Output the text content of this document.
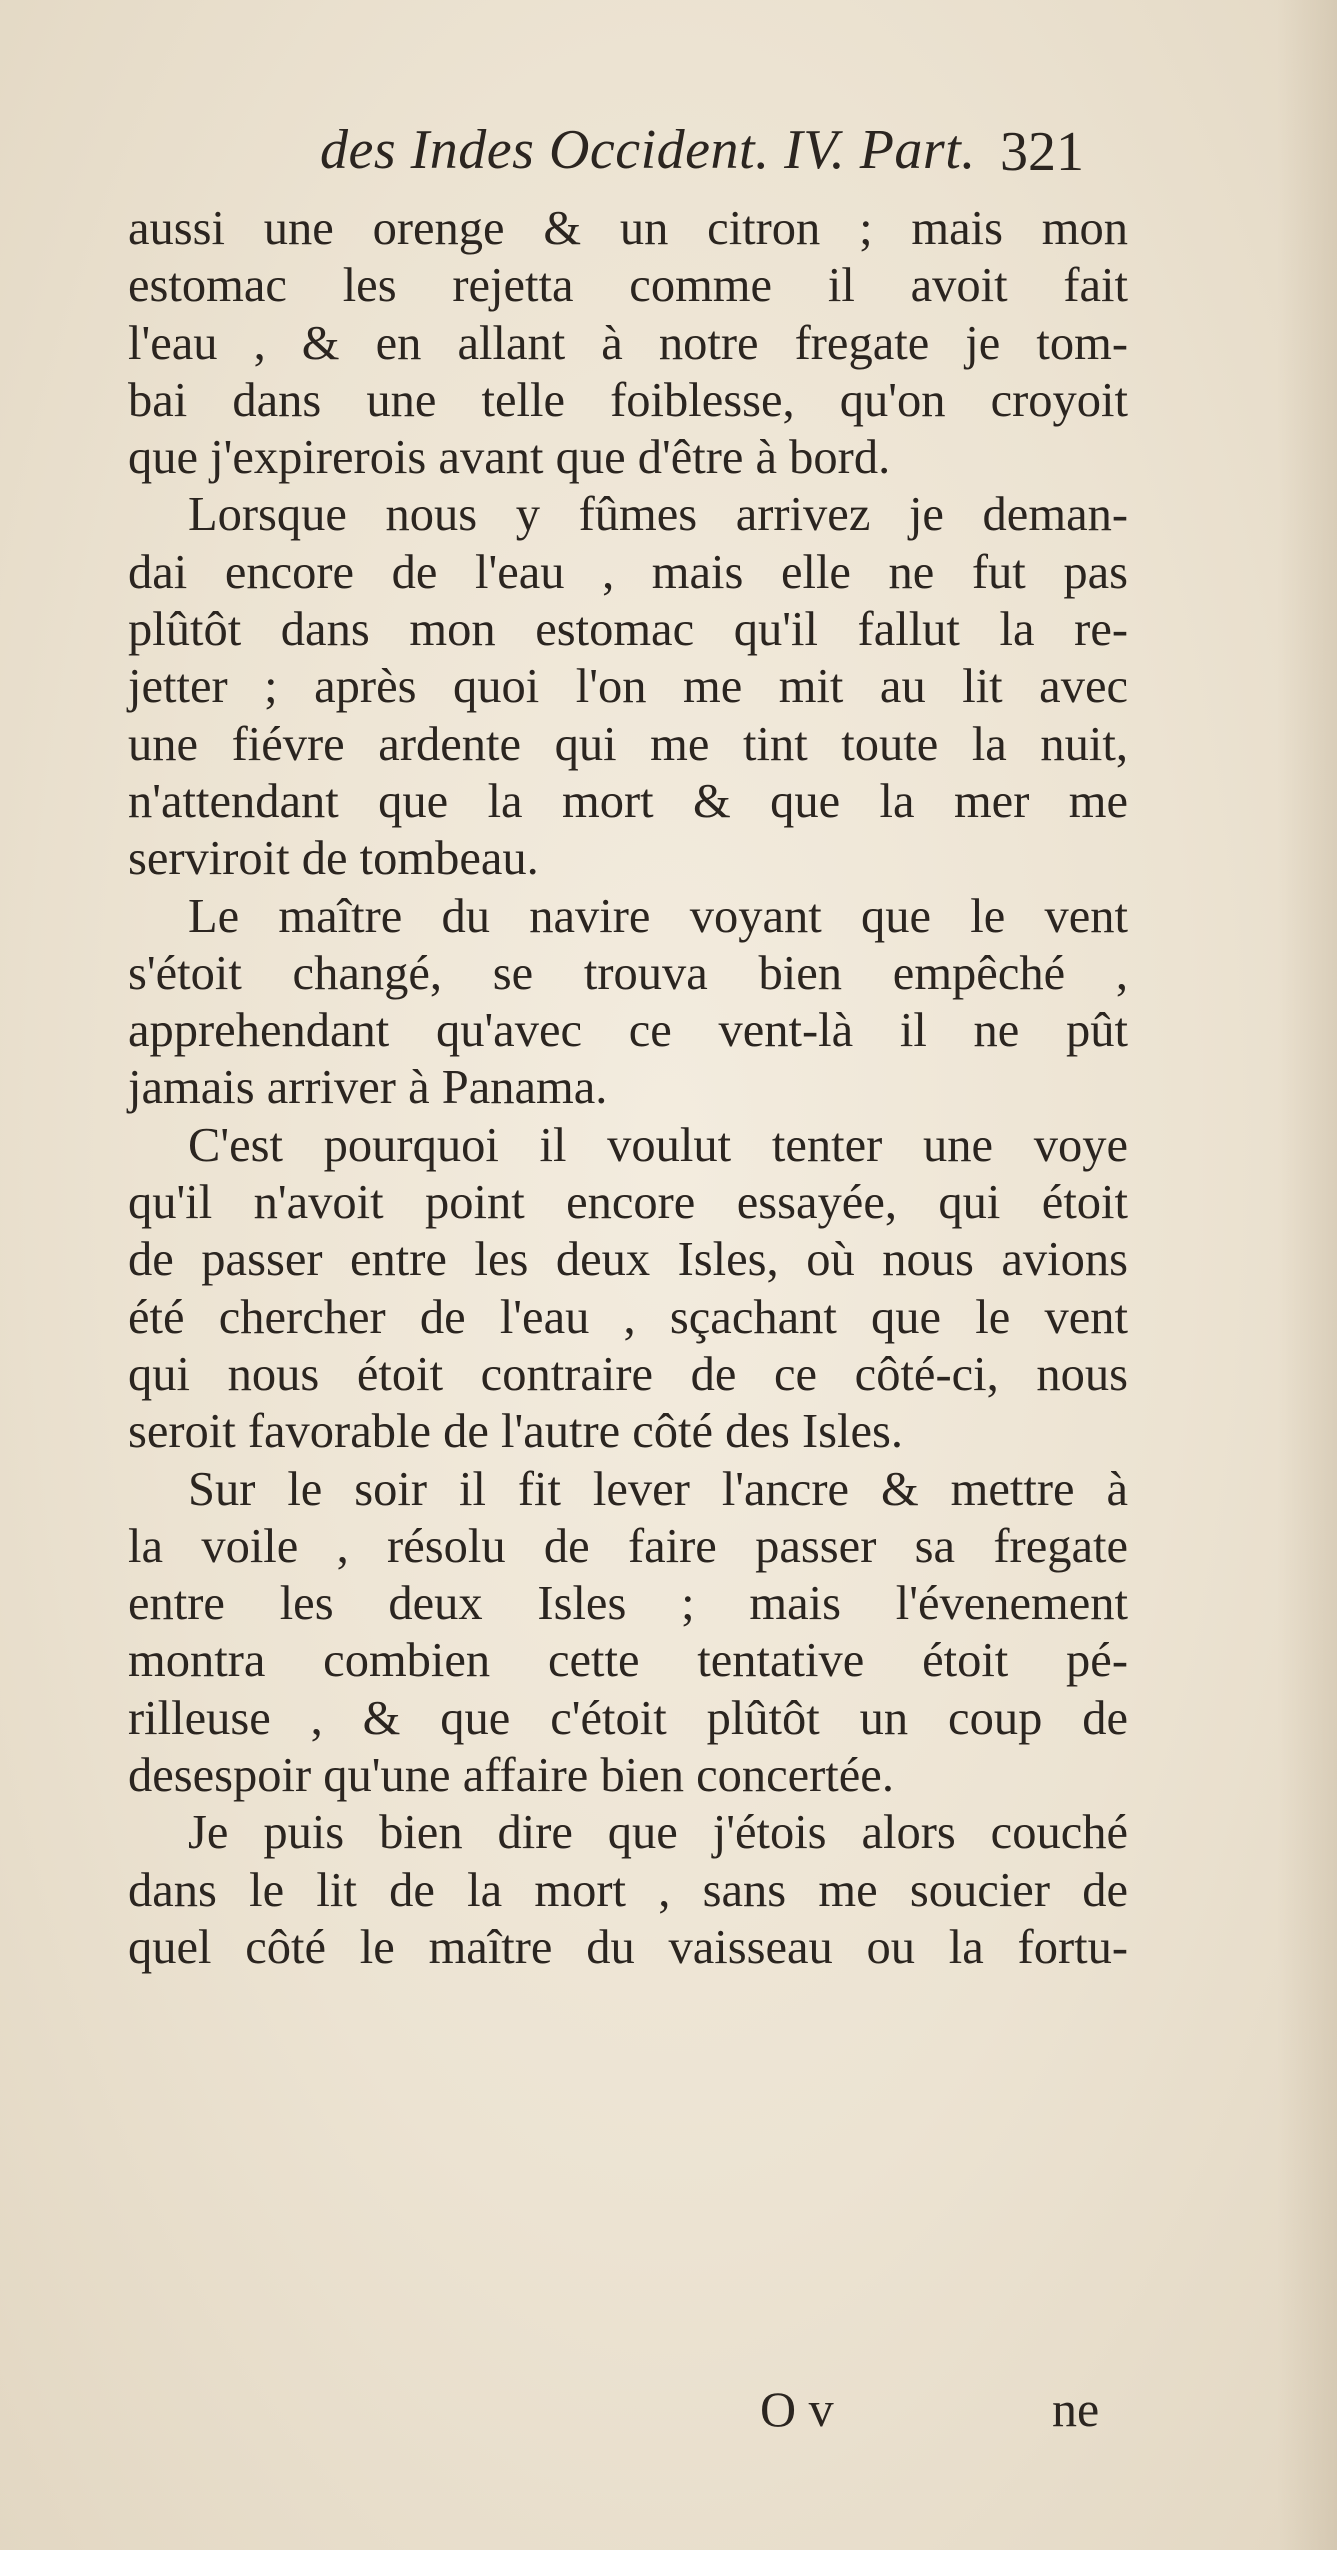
des Indes Occident. IV. Part. 321
aussi une orenge & un citron ; mais mon
estomac les rejetta comme il avoit fait
l'eau , & en allant à notre fregate je tom-
bai dans une telle foiblesse, qu'on croyoit
que j'expirerois avant que d'être à bord.
Lorsque nous y fûmes arrivez je deman-
dai encore de l'eau , mais elle ne fut pas
plûtôt dans mon estomac qu'il fallut la re-
jetter ; après quoi l'on me mit au lit avec
une fiévre ardente qui me tint toute la nuit,
n'attendant que la mort & que la mer me
serviroit de tombeau.
Le maître du navire voyant que le vent
s'étoit changé, se trouva bien empêché ,
apprehendant qu'avec ce vent-là il ne pût
jamais arriver à Panama.
C'est pourquoi il voulut tenter une voye
qu'il n'avoit point encore essayée, qui étoit
de passer entre les deux Isles, où nous avions
été chercher de l'eau , sçachant que le vent
qui nous étoit contraire de ce côté-ci, nous
seroit favorable de l'autre côté des Isles.
Sur le soir il fit lever l'ancre & mettre à
la voile , résolu de faire passer sa fregate
entre les deux Isles ; mais l'évenement
montra combien cette tentative étoit pé-
rilleuse , & que c'étoit plûtôt un coup de
desespoir qu'une affaire bien concertée.
Je puis bien dire que j'étois alors couché
dans le lit de la mort , sans me soucier de
quel côté le maître du vaisseau ou la fortu-
O v	ne
